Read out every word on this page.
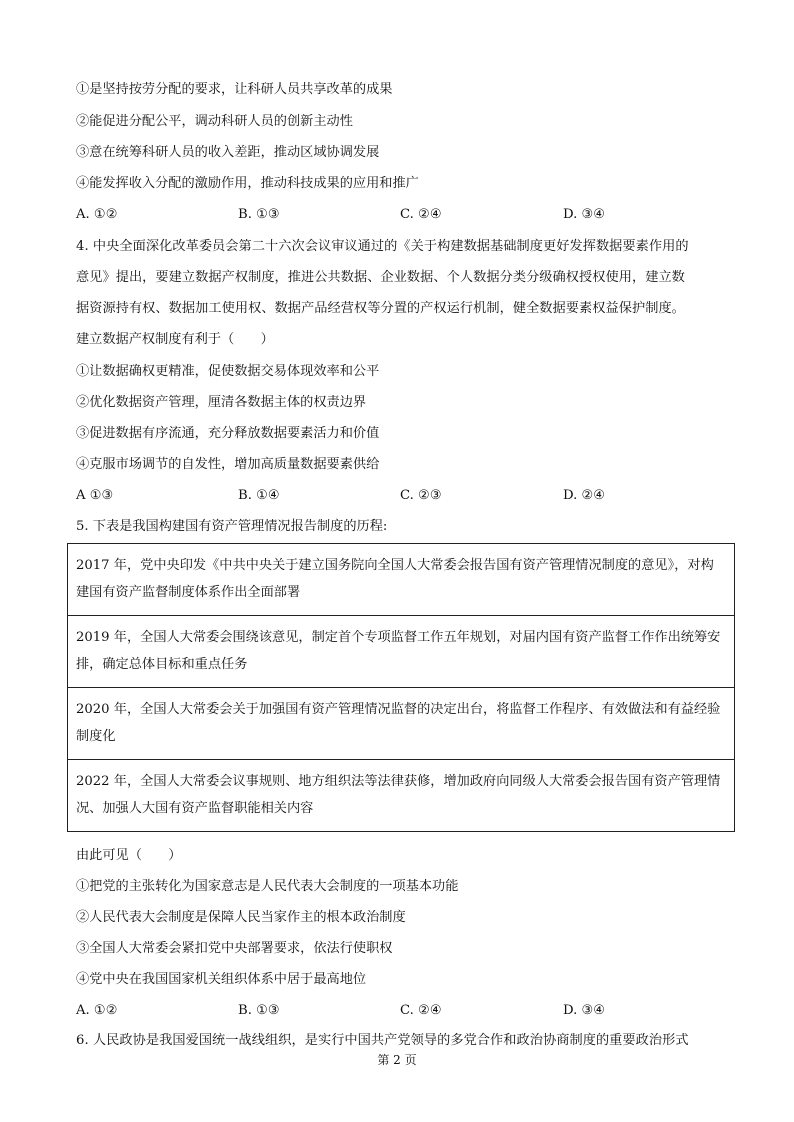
①是坚持按劳分配的要求，让科研人员共享改革的成果
②能促进分配公平，调动科研人员的创新主动性
③意在统筹科研人员的收入差距，推动区域协调发展
④能发挥收入分配的激励作用，推动科技成果的应用和推广
A. ①②	B. ①③	C. ②④	D. ③④
4. 中央全面深化改革委员会第二十六次会议审议通过的《关于构建数据基础制度更好发挥数据要素作用的
意见》提出，要建立数据产权制度，推进公共数据、企业数据、个人数据分类分级确权授权使用，建立数
据资源持有权、数据加工使用权、数据产品经营权等分置的产权运行机制，健全数据要素权益保护制度。
建立数据产权制度有利于（　　）
①让数据确权更精准，促使数据交易体现效率和公平
②优化数据资产管理，厘清各数据主体的权责边界
③促进数据有序流通，充分释放数据要素活力和价值
④克服市场调节的自发性，增加高质量数据要素供给
A ①③	B. ①④	C. ②③	D. ②④
5. 下表是我国构建国有资产管理情况报告制度的历程:
2017 年，党中央印发《中共中央关于建立国务院向全国人大常委会报告国有资产管理情况制度的意见》，对构建国有资产监督制度体系作出全面部署
2019 年，全国人大常委会围绕该意见，制定首个专项监督工作五年规划，对届内国有资产监督工作作出统筹安排，确定总体目标和重点任务
2020 年，全国人大常委会关于加强国有资产管理情况监督的决定出台，将监督工作程序、有效做法和有益经验制度化
2022 年，全国人大常委会议事规则、地方组织法等法律获修，增加政府向同级人大常委会报告国有资产管理情况、加强人大国有资产监督职能相关内容
由此可见（　　）
①把党的主张转化为国家意志是人民代表大会制度的一项基本功能
②人民代表大会制度是保障人民当家作主的根本政治制度
③全国人大常委会紧扣党中央部署要求，依法行使职权
④党中央在我国国家机关组织体系中居于最高地位
A. ①②	B. ①③	C. ②④	D. ③④
6. 人民政协是我国爱国统一战线组织，是实行中国共产党领导的多党合作和政治协商制度的重要政治形式
第 2 页
